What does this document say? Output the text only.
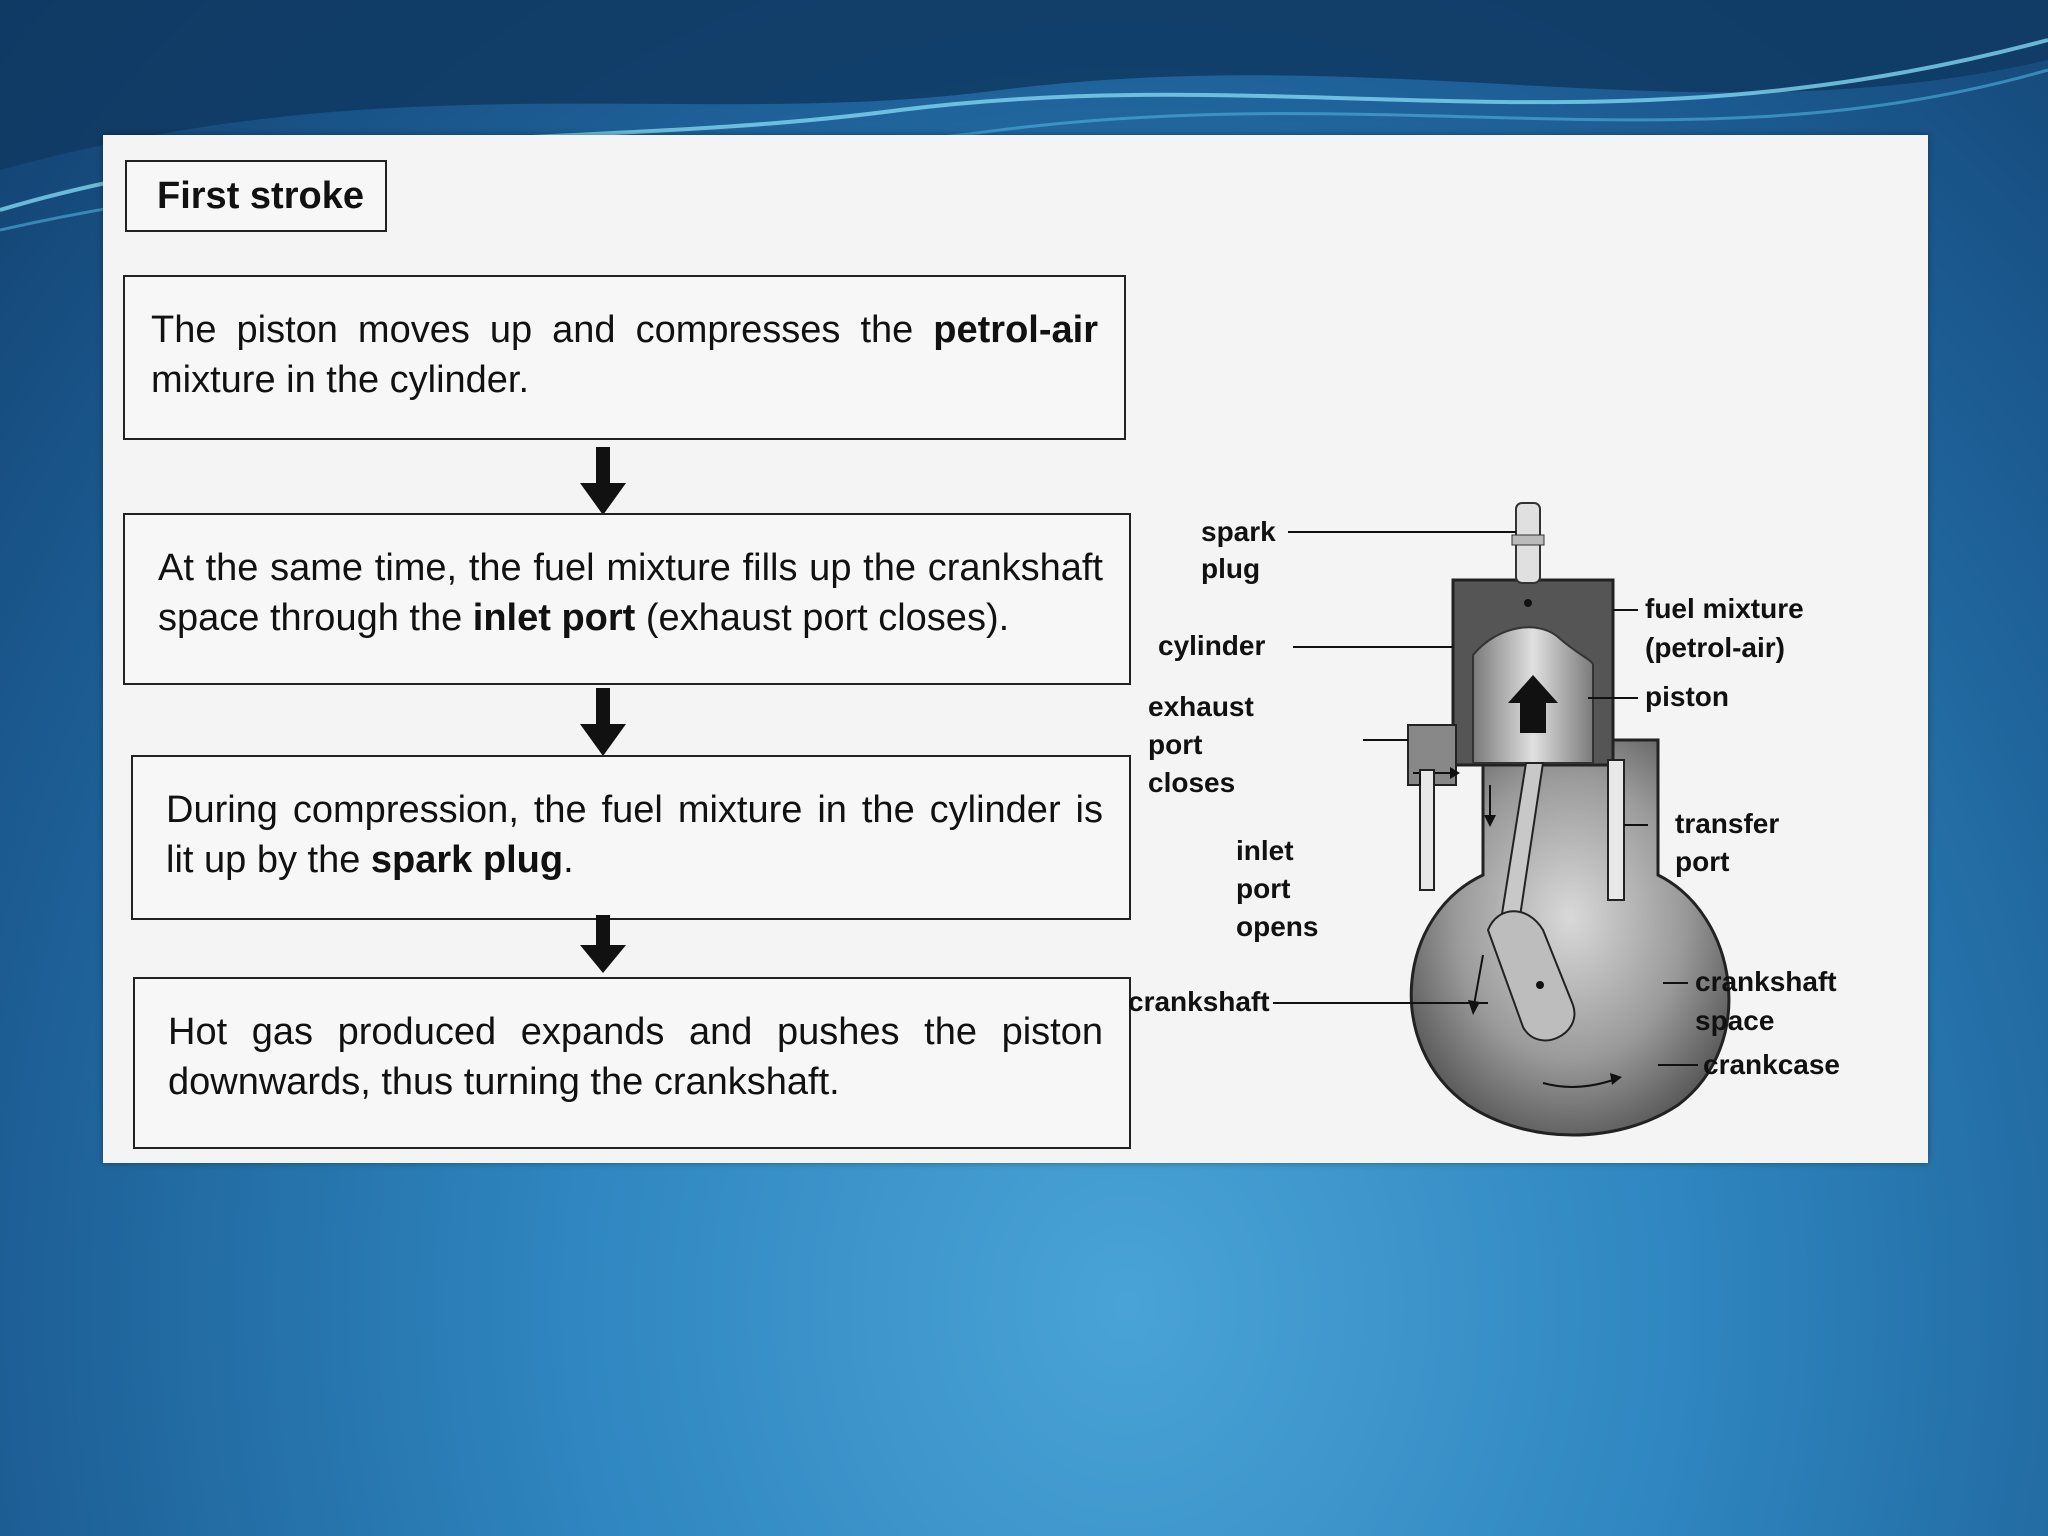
First stroke
The piston moves up and compresses the petrol-air mixture in the cylinder.
At the same time, the fuel mixture fills up the crankshaft space through the inlet port (exhaust port closes).
During compression, the fuel mixture in the cylinder is lit up by the spark plug.
Hot gas produced expands and pushes the piston downwards, thus turning the crankshaft.
spark
plug
fuel mixture
(petrol-air)
cylinder
piston
exhaust
port
closes
inlet
port
opens
transfer
port
crankshaft
crankshaft
space
crankcase
